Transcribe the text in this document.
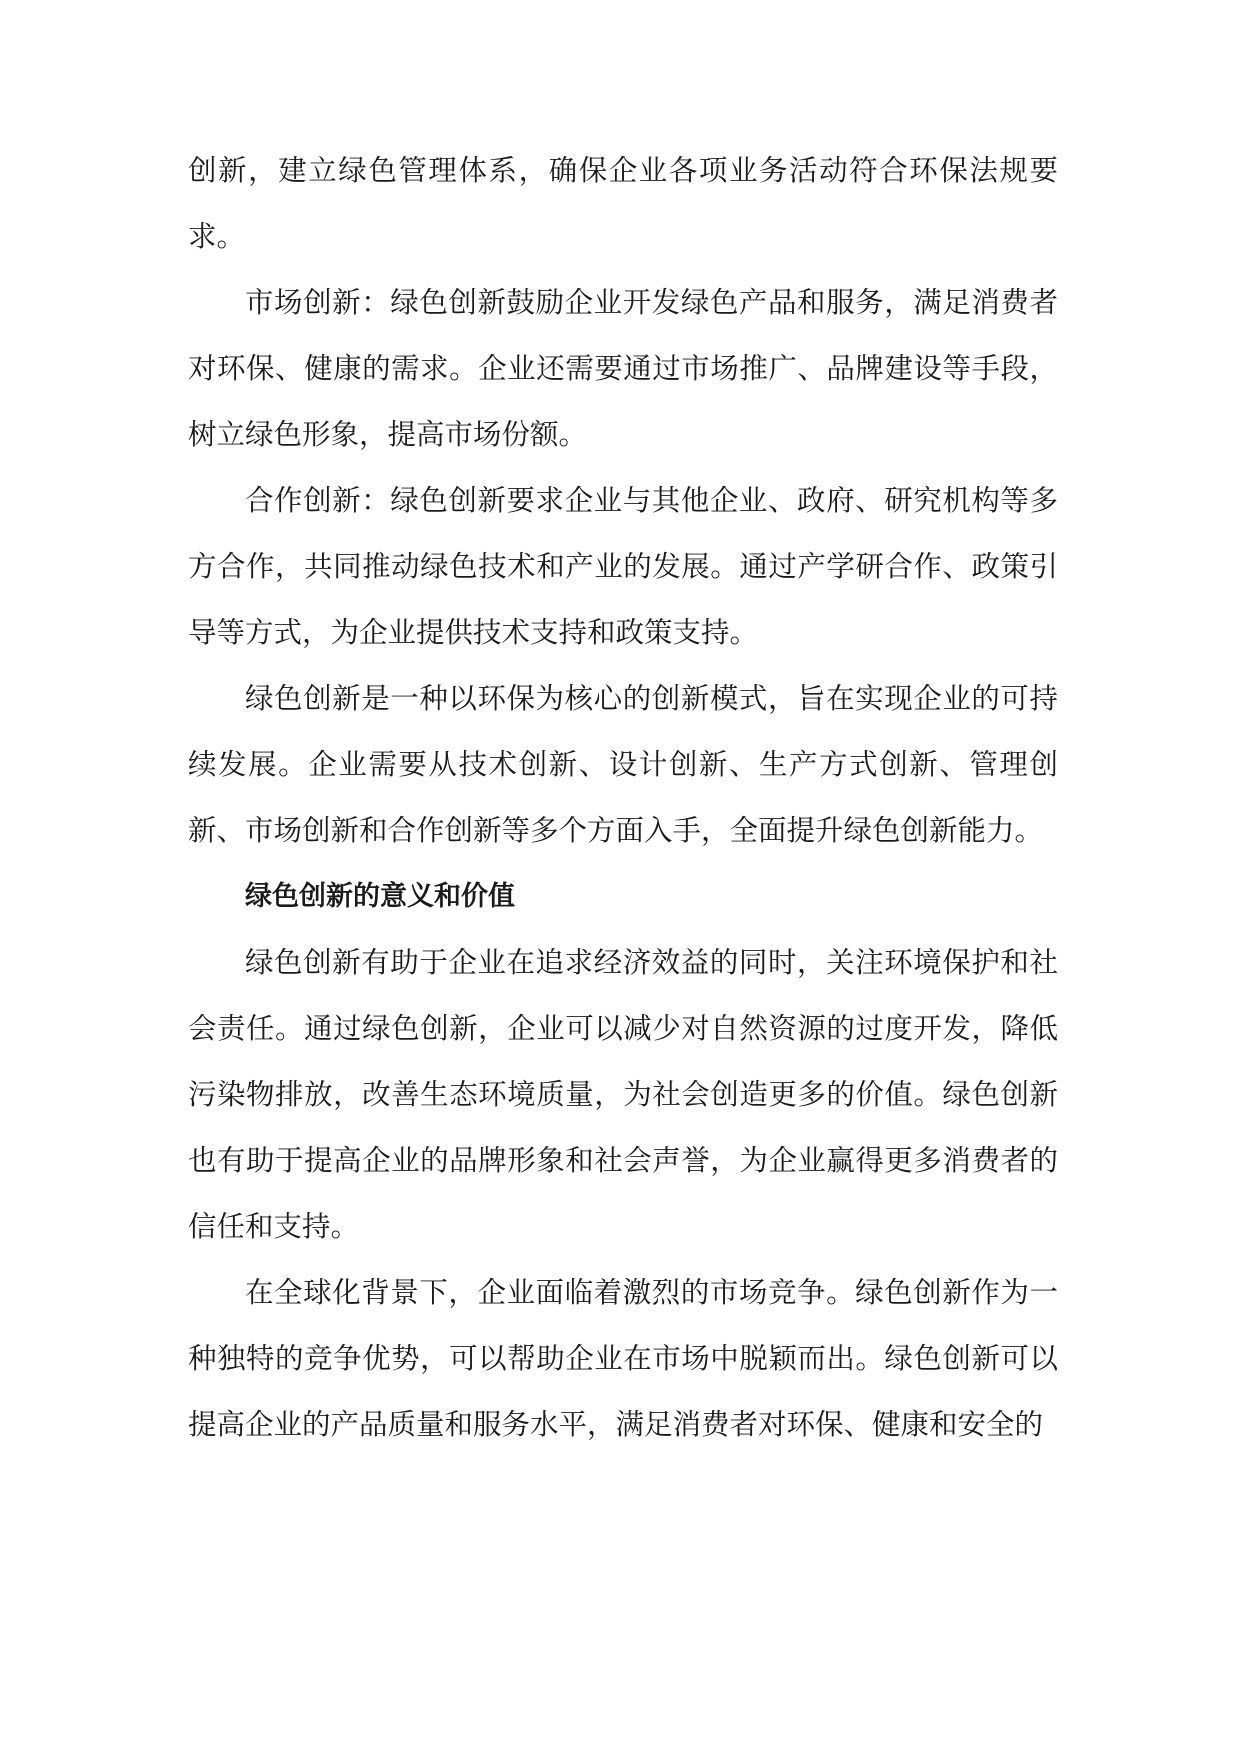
创新，建立绿色管理体系，确保企业各项业务活动符合环保法规要求。

市场创新：绿色创新鼓励企业开发绿色产品和服务，满足消费者对环保、健康的需求。企业还需要通过市场推广、品牌建设等手段，树立绿色形象，提高市场份额。

合作创新：绿色创新要求企业与其他企业、政府、研究机构等多方合作，共同推动绿色技术和产业的发展。通过产学研合作、政策引导等方式，为企业提供技术支持和政策支持。

绿色创新是一种以环保为核心的创新模式，旨在实现企业的可持续发展。企业需要从技术创新、设计创新、生产方式创新、管理创新、市场创新和合作创新等多个方面入手，全面提升绿色创新能力。

绿色创新的意义和价值

绿色创新有助于企业在追求经济效益的同时，关注环境保护和社会责任。通过绿色创新，企业可以减少对自然资源的过度开发，降低污染物排放，改善生态环境质量，为社会创造更多的价值。绿色创新也有助于提高企业的品牌形象和社会声誉，为企业赢得更多消费者的信任和支持。

在全球化背景下，企业面临着激烈的市场竞争。绿色创新作为一种独特的竞争优势，可以帮助企业在市场中脱颖而出。绿色创新可以提高企业的产品质量和服务水平，满足消费者对环保、健康和安全的
